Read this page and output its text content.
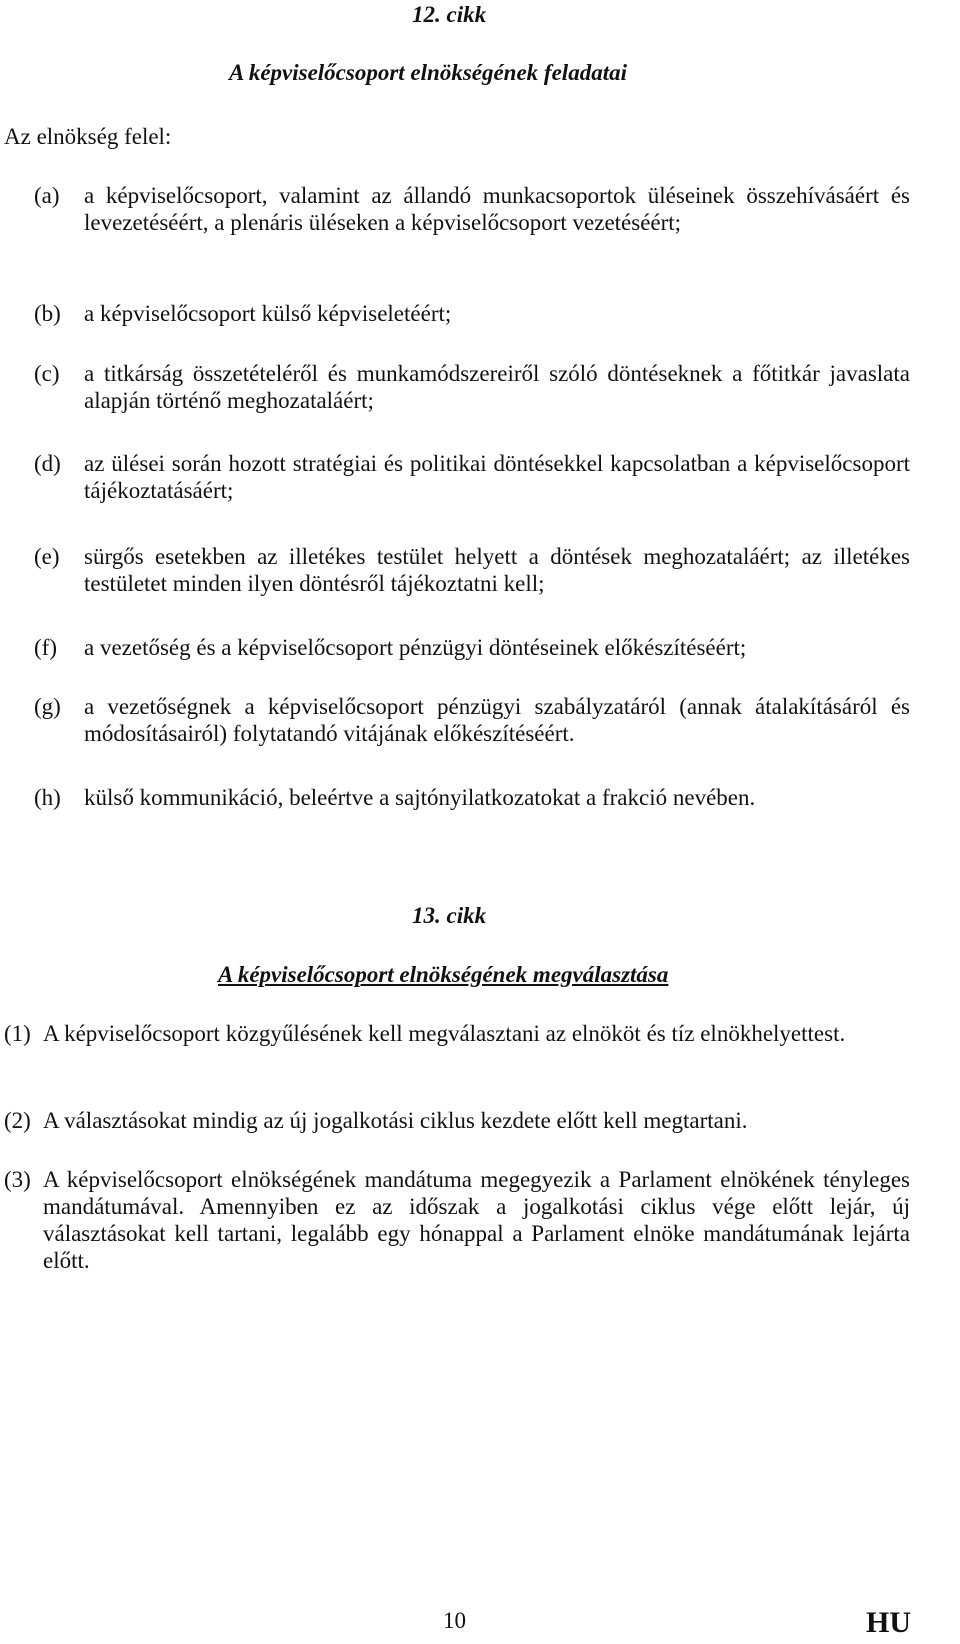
12. cikk
A képviselőcsoport elnökségének feladatai
Az elnökség felel:
(a) a képviselőcsoport, valamint az állandó munkacsoportok üléseinek összehívásáért és levezetéséért, a plenáris üléseken a képviselőcsoport vezetéséért;
(b) a képviselőcsoport külső képviseletéért;
(c) a titkárság összetételéről és munkamódszereiről szóló döntéseknek a főtitkár javaslata alapján történő meghozataláért;
(d) az ülései során hozott stratégiai és politikai döntésekkel kapcsolatban a képviselőcsoport tájékoztatásáért;
(e) sürgős esetekben az illetékes testület helyett a döntések meghozataláért; az illetékes testületet minden ilyen döntésről tájékoztatni kell;
(f) a vezetőség és a képviselőcsoport pénzügyi döntéseinek előkészítéséért;
(g) a vezetőségnek a képviselőcsoport pénzügyi szabályzatáról (annak átalakításáról és módosításairól) folytatandó vitájának előkészítéséért.
(h) külső kommunikáció, beleértve a sajtónyilatkozatokat a frakció nevében.
13. cikk
A képviselőcsoport elnökségének megválasztása
(1) A képviselőcsoport közgyűlésének kell megválasztani az elnököt és tíz elnökhelyettest.
(2) A választásokat mindig az új jogalkotási ciklus kezdete előtt kell megtartani.
(3) A képviselőcsoport elnökségének mandátuma megegyezik a Parlament elnökének tényleges mandátumával. Amennyiben ez az időszak a jogalkotási ciklus vége előtt lejár, új választásokat kell tartani, legalább egy hónappal a Parlament elnöke mandátumának lejárta előtt.
10	HU
